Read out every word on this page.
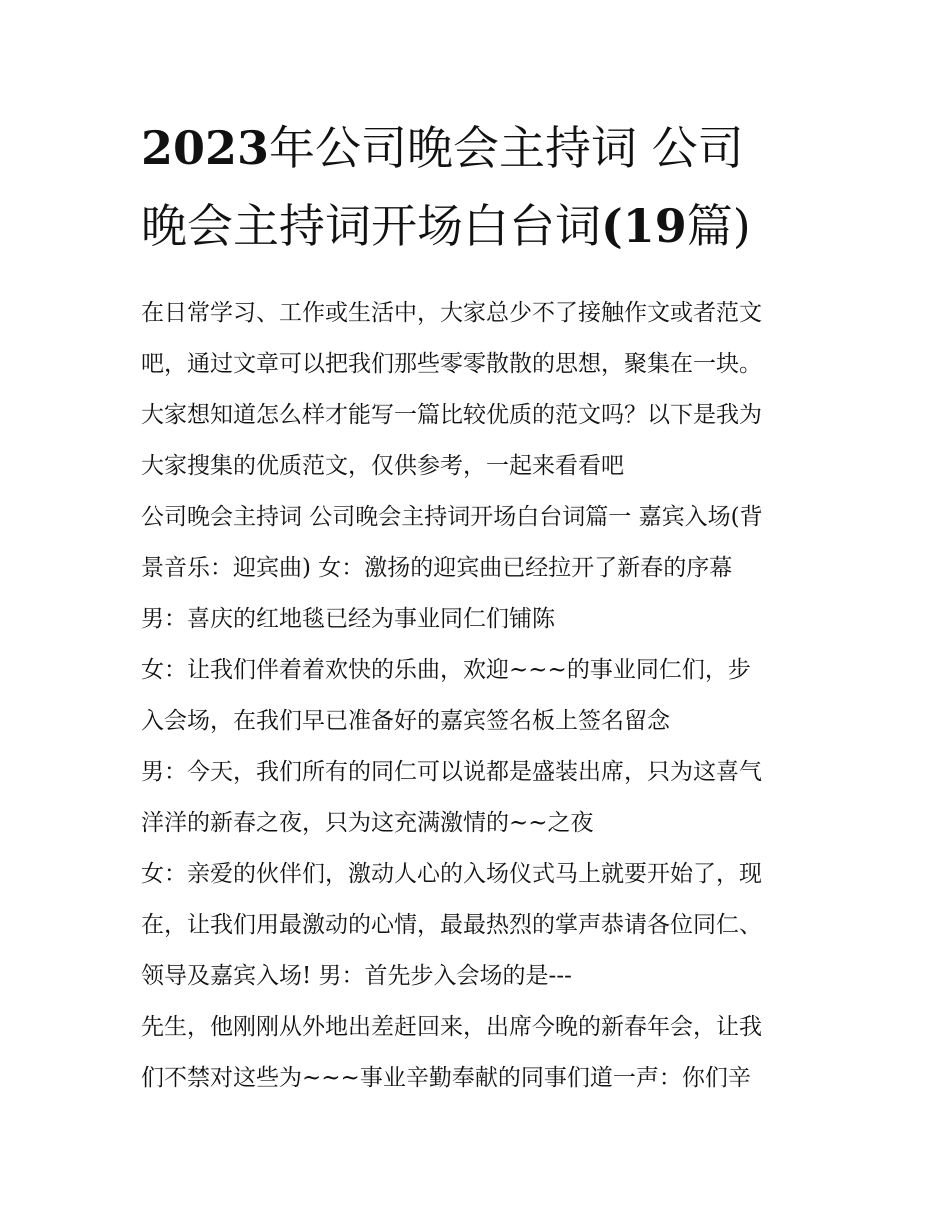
2023年公司晚会主持词 公司
晚会主持词开场白台词(19篇)
在日常学习、工作或生活中，大家总少不了接触作文或者范文
吧，通过文章可以把我们那些零零散散的思想，聚集在一块。
大家想知道怎么样才能写一篇比较优质的范文吗？以下是我为
大家搜集的优质范文，仅供参考，一起来看看吧
公司晚会主持词 公司晚会主持词开场白台词篇一 嘉宾入场(背
景音乐：迎宾曲) 女：激扬的迎宾曲已经拉开了新春的序幕
男：喜庆的红地毯已经为事业同仁们铺陈
女：让我们伴着着欢快的乐曲，欢迎~~~的事业同仁们，步
入会场，在我们早已准备好的嘉宾签名板上签名留念
男：今天，我们所有的同仁可以说都是盛装出席，只为这喜气
洋洋的新春之夜，只为这充满激情的~~之夜
女：亲爱的伙伴们，激动人心的入场仪式马上就要开始了，现
在，让我们用最激动的心情，最最热烈的掌声恭请各位同仁、
领导及嘉宾入场! 男：首先步入会场的是---
先生，他刚刚从外地出差赶回来，出席今晚的新春年会，让我
们不禁对这些为~~~事业辛勤奉献的同事们道一声：你们辛
